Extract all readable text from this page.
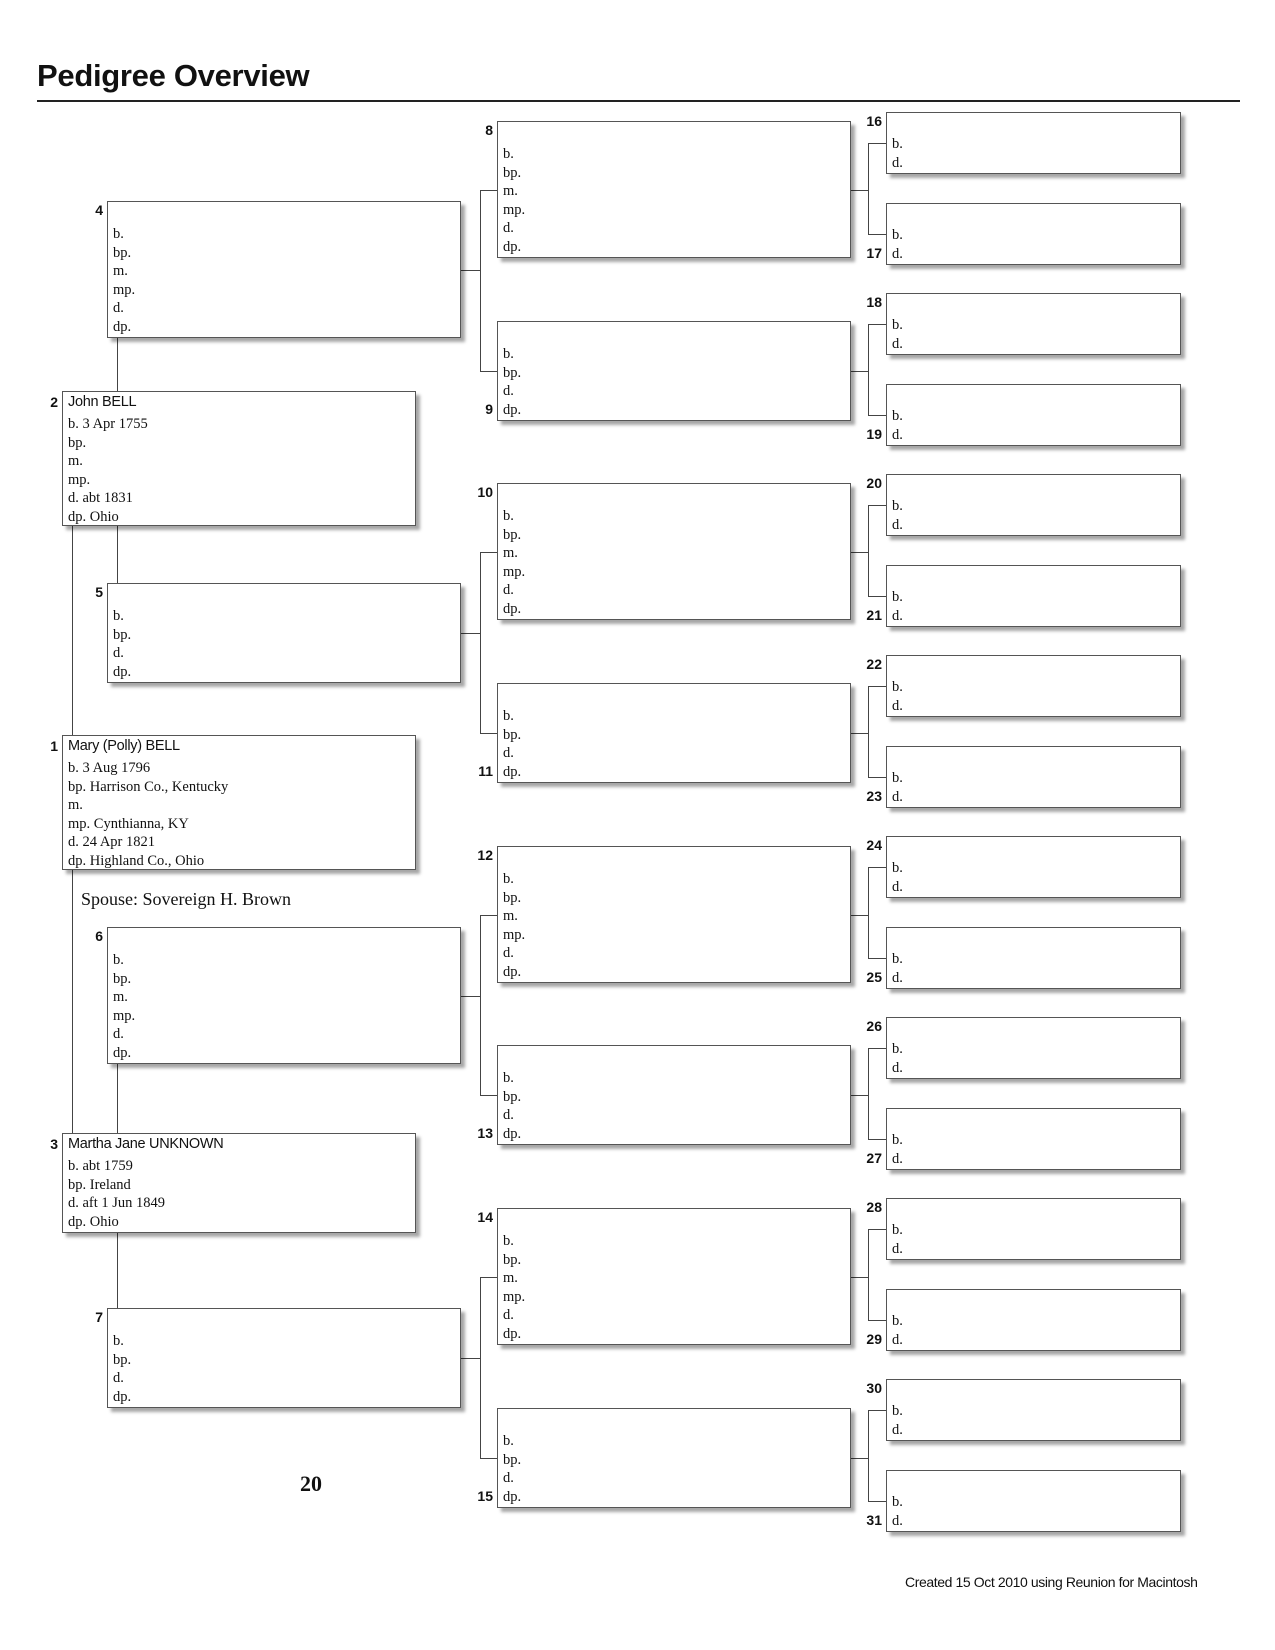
Pedigree Overview
Mary (Polly) BELL
b. 3 Aug 1796
bp. Harrison Co., Kentucky
m.
mp. Cynthianna, KY
d. 24 Apr 1821
dp. Highland Co., Ohio
1
John BELL
b. 3 Apr 1755
bp.
m.
mp.
d. abt 1831
dp. Ohio
2
Martha Jane UNKNOWN
b. abt 1759
bp. Ireland
d. aft 1 Jun 1849
dp. Ohio
3
b.
bp.
m.
mp.
d.
dp.
4
b.
bp.
d.
dp.
5
b.
bp.
m.
mp.
d.
dp.
6
b.
bp.
d.
dp.
7
b.
bp.
m.
mp.
d.
dp.
8
b.
bp.
d.
dp.
9
b.
bp.
m.
mp.
d.
dp.
10
b.
bp.
d.
dp.
11
b.
bp.
m.
mp.
d.
dp.
12
b.
bp.
d.
dp.
13
b.
bp.
m.
mp.
d.
dp.
14
b.
bp.
d.
dp.
15
b.
d.
16
b.
d.
17
b.
d.
18
b.
d.
19
b.
d.
20
b.
d.
21
b.
d.
22
b.
d.
23
b.
d.
24
b.
d.
25
b.
d.
26
b.
d.
27
b.
d.
28
b.
d.
29
b.
d.
30
b.
d.
31
Spouse: Sovereign H. Brown
20
Created 15 Oct 2010 using Reunion for Macintosh
